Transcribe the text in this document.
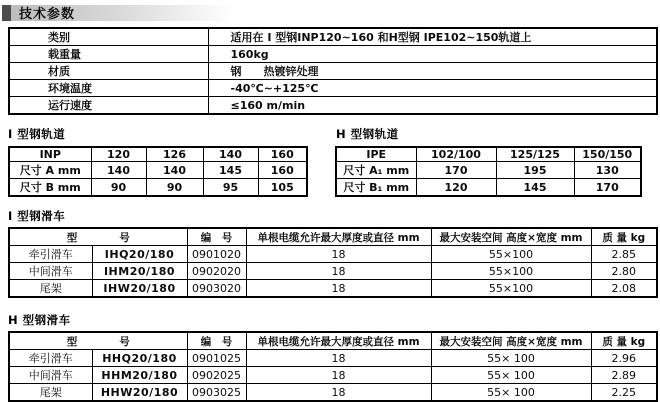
技术参数
类别	适用在 I 型钢INP120~160 和H型钢 IPE102~150轨道上
载重量	160kg
材质	钢　　热镀锌处理
环境温度	-40℃~+125℃
运行速度	≤160 m/min
I 型钢轨道	H 型钢轨道
INP	120	126	140	160
尺寸 A mm	140	140	145	160
尺寸 B mm	90	90	95	105
IPE	102/100	125/125	150/150
尺寸 A₁ mm	170	195	130
尺寸 B₁ mm	120	145	170
I 型钢滑车
型　　　　号		编　号	单根电缆允许最大厚度或直径 mm	最大安装空间 高度×宽度 mm	质 量 kg
牵引滑车	IHQ20/180	0901020	18	55×100	2.85
中间滑车	IHM20/180	0902020	18	55×100	2.80
尾架	IHW20/180	0903020	18	55×100	2.08
H 型钢滑车
型　　　　号		编　号	单根电缆允许最大厚度或直径 mm	最大安装空间 高度×宽度 mm	质 量 kg
牵引滑车	HHQ20/180	0901025	18	55× 100	2.96
中间滑车	HHM20/180	0902025	18	55× 100	2.89
尾架	HHW20/180	0903025	18	55× 100	2.25
